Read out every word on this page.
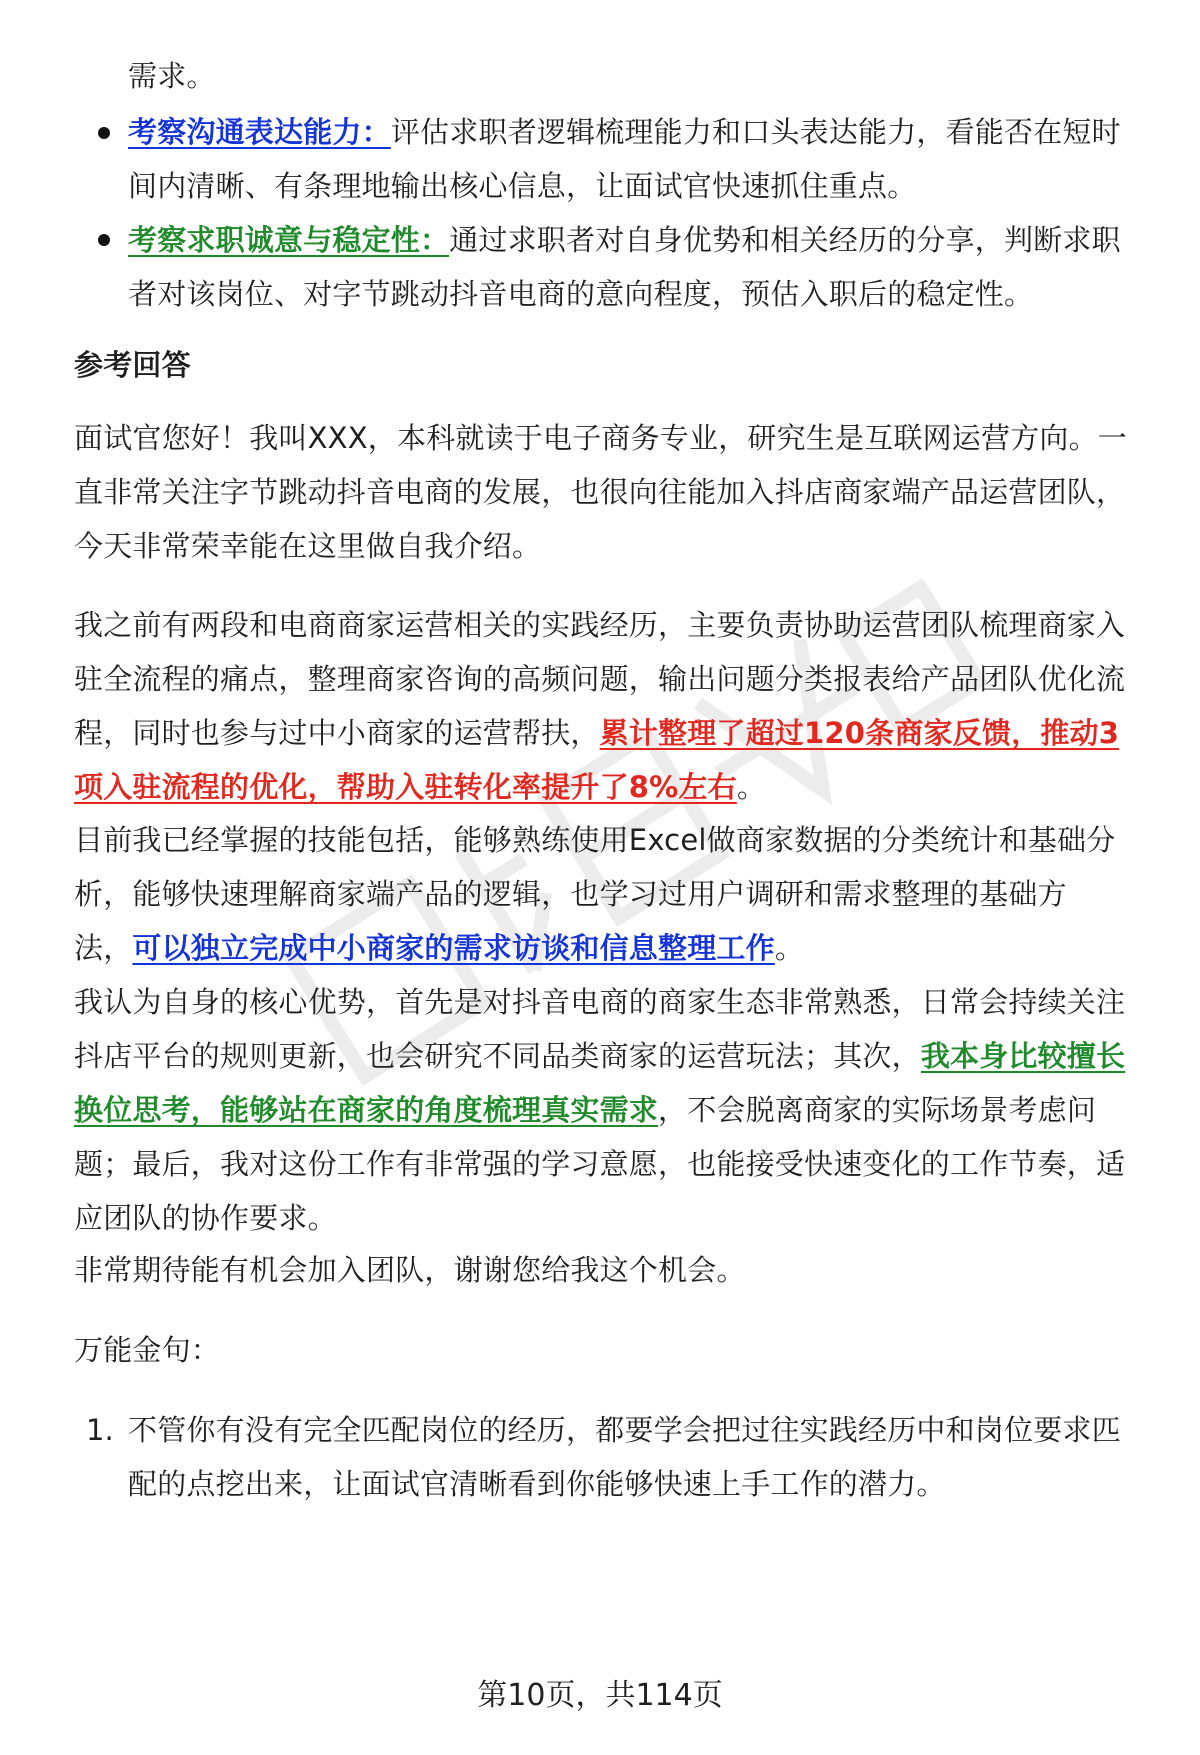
需求。
考察沟通表达能力：评估求职者逻辑梳理能力和口头表达能力，看能否在短时
间内清晰、有条理地输出核心信息，让面试官快速抓住重点。
考察求职诚意与稳定性：通过求职者对自身优势和相关经历的分享，判断求职
者对该岗位、对字节跳动抖音电商的意向程度，预估入职后的稳定性。
参考回答
面试官您好！我叫XXX，本科就读于电子商务专业，研究生是互联网运营方向。一
直非常关注字节跳动抖音电商的发展，也很向往能加入抖店商家端产品运营团队，
今天非常荣幸能在这里做自我介绍。
我之前有两段和电商商家运营相关的实践经历，主要负责协助运营团队梳理商家入
驻全流程的痛点，整理商家咨询的高频问题，输出问题分类报表给产品团队优化流
程，同时也参与过中小商家的运营帮扶，累计整理了超过120条商家反馈，推动3
项入驻流程的优化，帮助入驻转化率提升了8%左右。
目前我已经掌握的技能包括，能够熟练使用Excel做商家数据的分类统计和基础分
析，能够快速理解商家端产品的逻辑，也学习过用户调研和需求整理的基础方
法，可以独立完成中小商家的需求访谈和信息整理工作。
我认为自身的核心优势，首先是对抖音电商的商家生态非常熟悉，日常会持续关注
抖店平台的规则更新，也会研究不同品类商家的运营玩法；其次，我本身比较擅长
换位思考，能够站在商家的角度梳理真实需求，不会脱离商家的实际场景考虑问
题；最后，我对这份工作有非常强的学习意愿，也能接受快速变化的工作节奏，适
应团队的协作要求。
非常期待能有机会加入团队，谢谢您给我这个机会。
万能金句：
1. 不管你有没有完全匹配岗位的经历，都要学会把过往实践经历中和岗位要求匹
配的点挖出来，让面试官清晰看到你能够快速上手工作的潜力。
第10页，共114页
